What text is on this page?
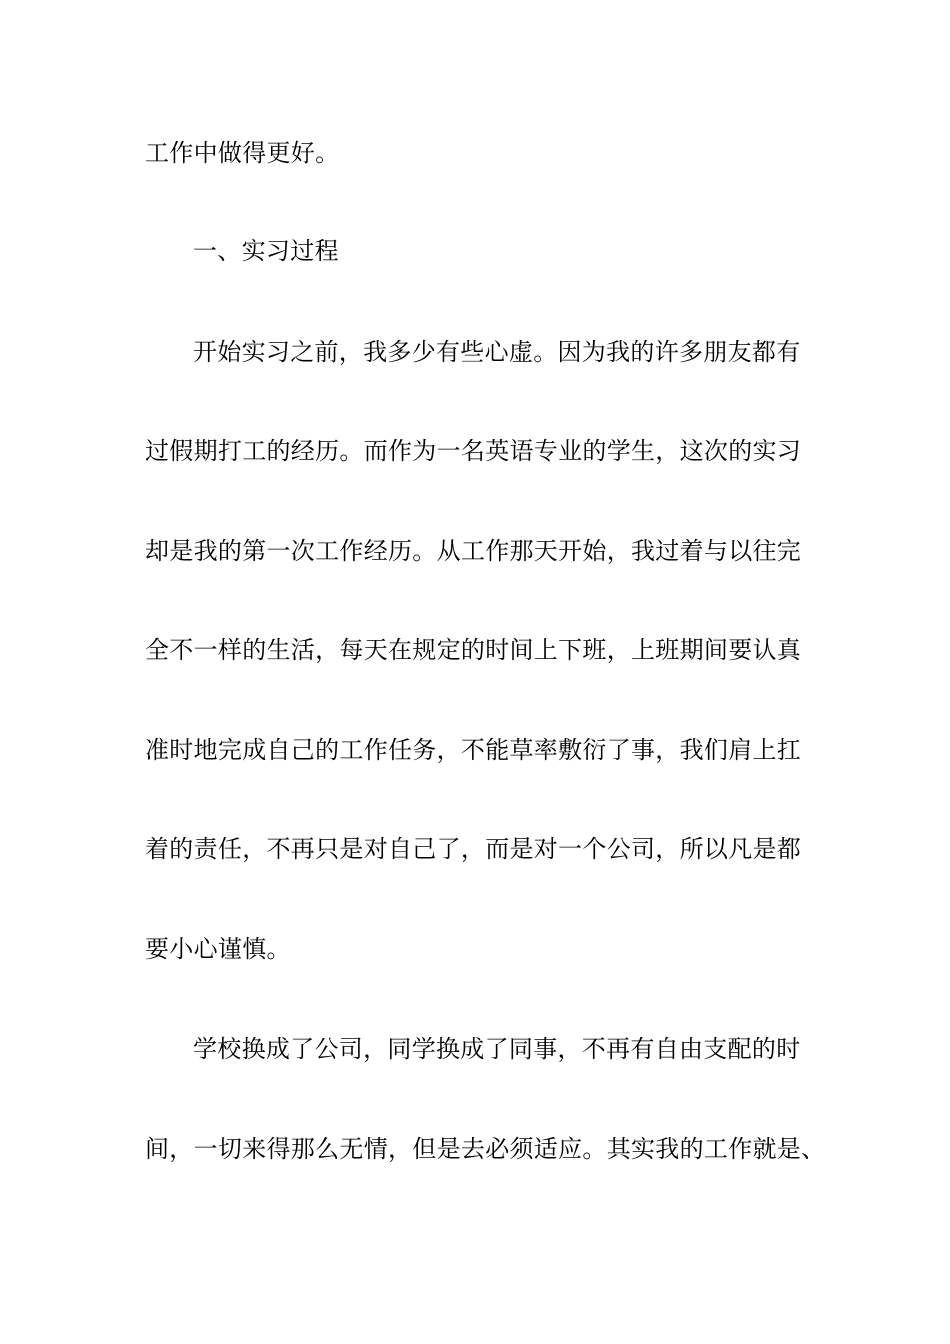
工作中做得更好。
一、实习过程
开始实习之前，我多少有些心虚。因为我的许多朋友都有
过假期打工的经历。而作为一名英语专业的学生，这次的实习
却是我的第一次工作经历。从工作那天开始，我过着与以往完
全不一样的生活，每天在规定的时间上下班，上班期间要认真
准时地完成自己的工作任务，不能草率敷衍了事，我们肩上扛
着的责任，不再只是对自己了，而是对一个公司，所以凡是都
要小心谨慎。
学校换成了公司，同学换成了同事，不再有自由支配的时
间，一切来得那么无情，但是去必须适应。其实我的工作就是、
